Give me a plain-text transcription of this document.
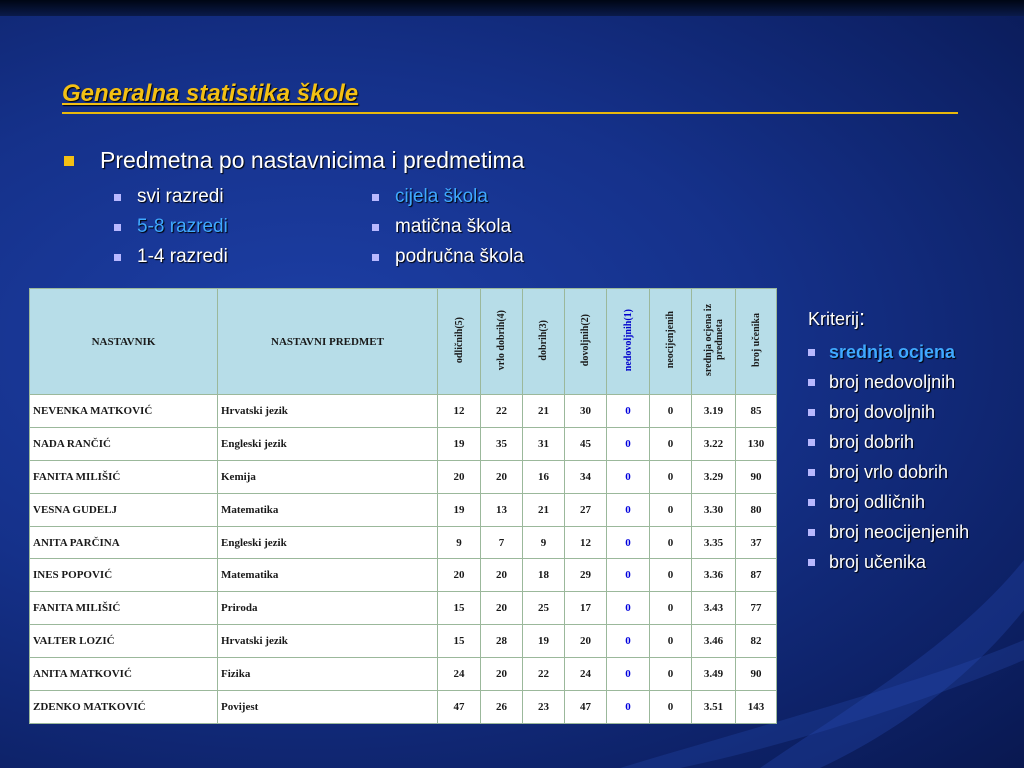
Generalna statistika škole
Predmetna po nastavnicima i predmetima
svi razredi
5-8 razredi
1-4 razredi
cijela škola
matična škola
područna škola
NASTAVNIK	NASTAVNI PREDMET	odličnih(5)	vrlo dobrih(4)	dobrih(3)	dovoljnih(2)	nedovoljnih(1)	neocijenjenih	srednja ocjena iz predmeta	broj učenika
NEVENKA MATKOVIĆ	Hrvatski jezik	12	22	21	30	0	0	3.19	85
NADA RANČIĆ	Engleski jezik	19	35	31	45	0	0	3.22	130
FANITA MILIŠIĆ	Kemija	20	20	16	34	0	0	3.29	90
VESNA GUDELJ	Matematika	19	13	21	27	0	0	3.30	80
ANITA PARČINA	Engleski jezik	9	7	9	12	0	0	3.35	37
INES POPOVIĆ	Matematika	20	20	18	29	0	0	3.36	87
FANITA MILIŠIĆ	Priroda	15	20	25	17	0	0	3.43	77
VALTER LOZIĆ	Hrvatski jezik	15	28	19	20	0	0	3.46	82
ANITA MATKOVIĆ	Fizika	24	20	22	24	0	0	3.49	90
ZDENKO MATKOVIĆ	Povijest	47	26	23	47	0	0	3.51	143
Kriterij:
srednja ocjena
broj nedovoljnih
broj dovoljnih
broj dobrih
broj vrlo dobrih
broj odličnih
broj neocijenjenih
broj učenika
